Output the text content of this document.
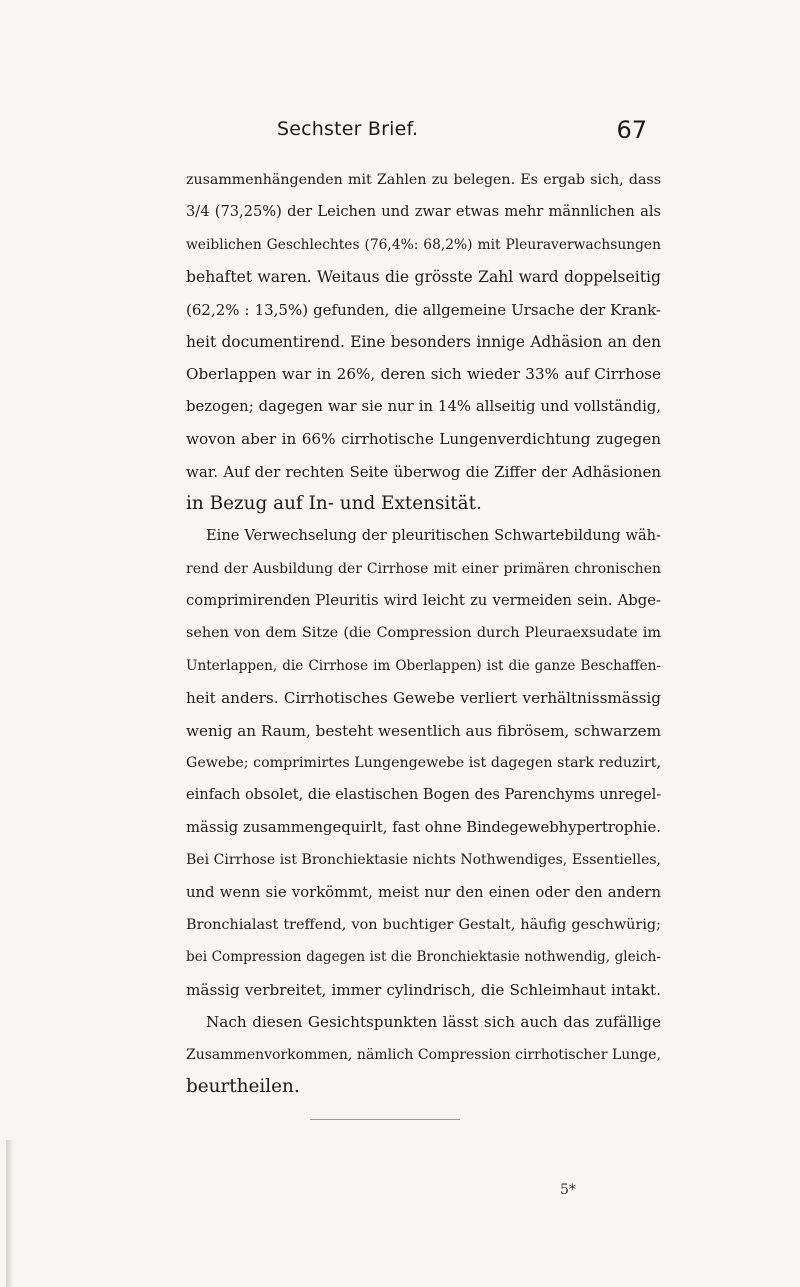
Sechster Brief.	67
zusammenhängenden mit Zahlen zu belegen. Es ergab sich, dass
3/4 (73,25%) der Leichen und zwar etwas mehr männlichen als
weiblichen Geschlechtes (76,4%: 68,2%) mit Pleuraverwachsungen
behaftet waren. Weitaus die grösste Zahl ward doppelseitig
(62,2% : 13,5%) gefunden, die allgemeine Ursache der Krank-
heit documentirend. Eine besonders innige Adhäsion an den
Oberlappen war in 26%, deren sich wieder 33% auf Cirrhose
bezogen; dagegen war sie nur in 14% allseitig und vollständig,
wovon aber in 66% cirrhotische Lungenverdichtung zugegen
war. Auf der rechten Seite überwog die Ziffer der Adhäsionen
in Bezug auf In- und Extensität.
Eine Verwechselung der pleuritischen Schwartebildung wäh-
rend der Ausbildung der Cirrhose mit einer primären chronischen
comprimirenden Pleuritis wird leicht zu vermeiden sein. Abge-
sehen von dem Sitze (die Compression durch Pleuraexsudate im
Unterlappen, die Cirrhose im Oberlappen) ist die ganze Beschaffen-
heit anders. Cirrhotisches Gewebe verliert verhältnissmässig
wenig an Raum, besteht wesentlich aus fibrösem, schwarzem
Gewebe; comprimirtes Lungengewebe ist dagegen stark reduzirt,
einfach obsolet, die elastischen Bogen des Parenchyms unregel-
mässig zusammengequirlt, fast ohne Bindegewebhypertrophie.
Bei Cirrhose ist Bronchiektasie nichts Nothwendiges, Essentielles,
und wenn sie vorkömmt, meist nur den einen oder den andern
Bronchialast treffend, von buchtiger Gestalt, häufig geschwürig;
bei Compression dagegen ist die Bronchiektasie nothwendig, gleich-
mässig verbreitet, immer cylindrisch, die Schleimhaut intakt.
Nach diesen Gesichtspunkten lässt sich auch das zufällige
Zusammenvorkommen, nämlich Compression cirrhotischer Lunge,
beurtheilen.
5*
